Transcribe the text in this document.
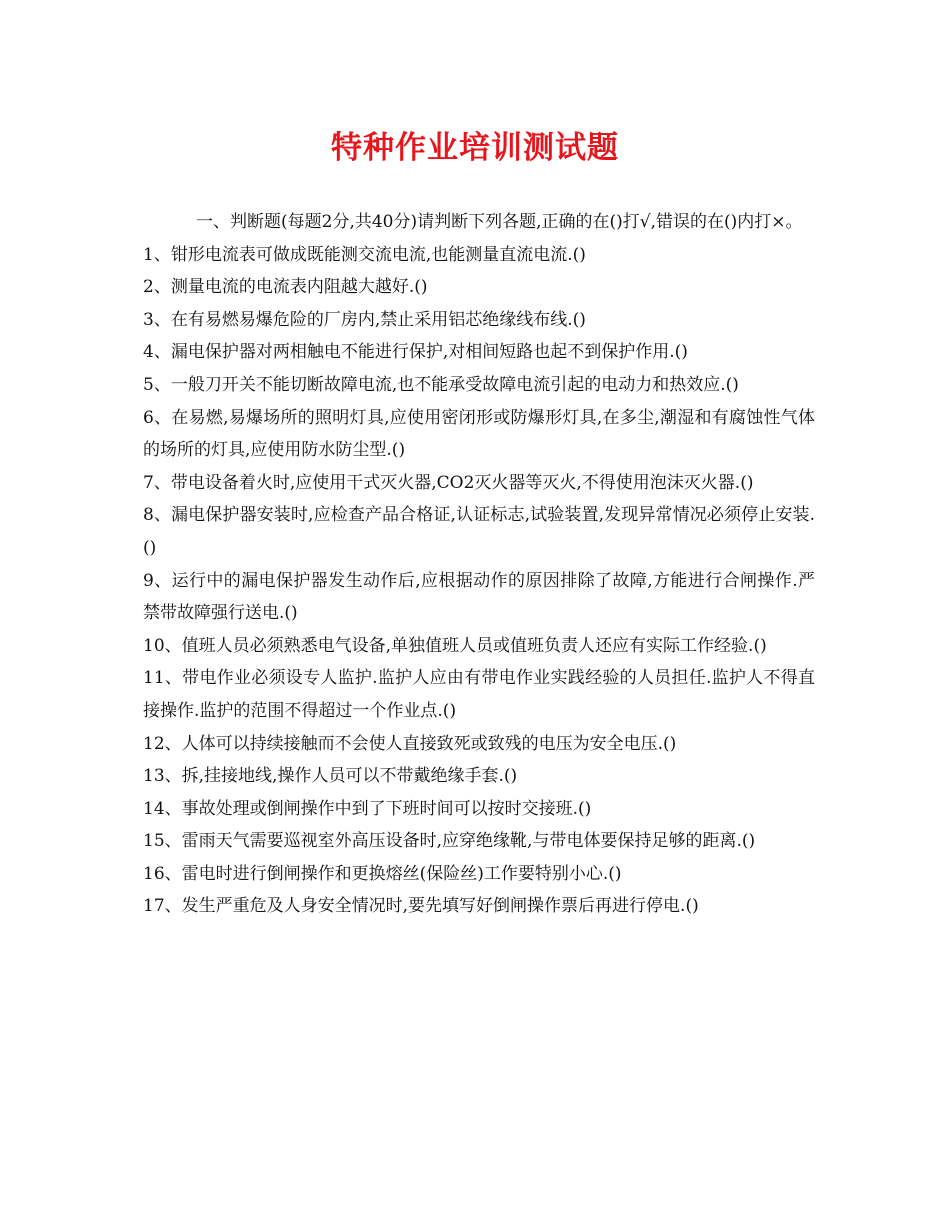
特种作业培训测试题

　一、判断题(每题2分,共40分)请判断下列各题,正确的在()打√,错误的在()内打×。

1、钳形电流表可做成既能测交流电流,也能测量直流电流.()

2、测量电流的电流表内阻越大越好.()

3、在有易燃易爆危险的厂房内,禁止采用铝芯绝缘线布线.()

4、漏电保护器对两相触电不能进行保护,对相间短路也起不到保护作用.()

5、一般刀开关不能切断故障电流,也不能承受故障电流引起的电动力和热效应.()

6、在易燃,易爆场所的照明灯具,应使用密闭形或防爆形灯具,在多尘,潮湿和有腐蚀性气体的场所的灯具,应使用防水防尘型.()

7、带电设备着火时,应使用干式灭火器,CO2灭火器等灭火,不得使用泡沫灭火器.()

8、漏电保护器安装时,应检查产品合格证,认证标志,试验装置,发现异常情况必须停止安装.()

9、运行中的漏电保护器发生动作后,应根据动作的原因排除了故障,方能进行合闸操作.严禁带故障强行送电.()

10、值班人员必须熟悉电气设备,单独值班人员或值班负责人还应有实际工作经验.()

11、带电作业必须设专人监护.监护人应由有带电作业实践经验的人员担任.监护人不得直接操作.监护的范围不得超过一个作业点.()

12、人体可以持续接触而不会使人直接致死或致残的电压为安全电压.()

13、拆,挂接地线,操作人员可以不带戴绝缘手套.()

14、事故处理或倒闸操作中到了下班时间可以按时交接班.()

15、雷雨天气需要巡视室外高压设备时,应穿绝缘靴,与带电体要保持足够的距离.()

16、雷电时进行倒闸操作和更换熔丝(保险丝)工作要特别小心.()

17、发生严重危及人身安全情况时,要先填写好倒闸操作票后再进行停电.()
